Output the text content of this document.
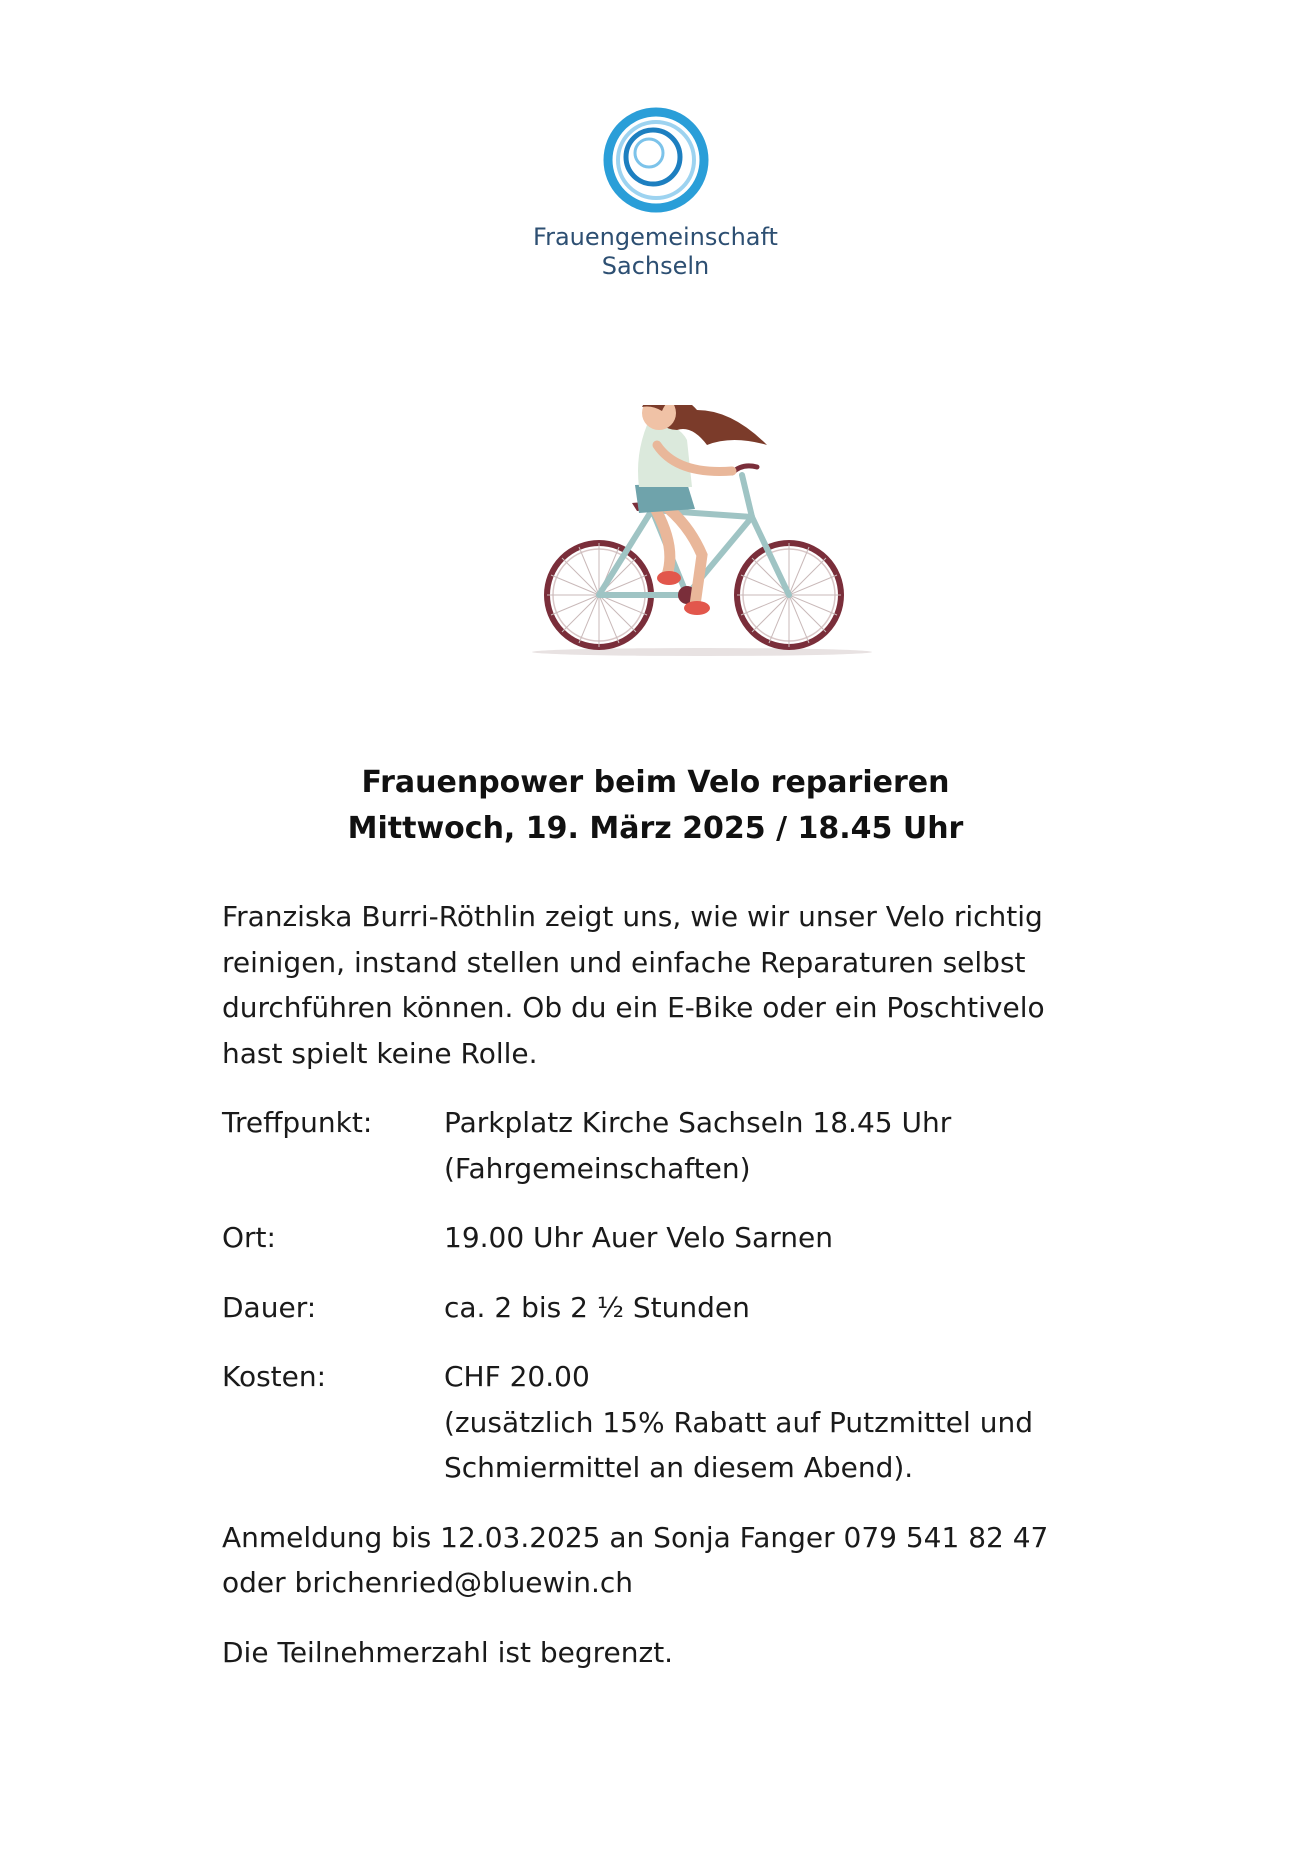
Frauengemeinschaft
Sachseln
Frauenpower beim Velo reparieren
Mittwoch, 19. März 2025 / 18.45 Uhr

Franziska Burri-Röthlin zeigt uns, wie wir unser Velo richtig reinigen, instand stellen und einfache Reparaturen selbst durchführen können. Ob du ein E-Bike oder ein Poschtivelo hast spielt keine Rolle.

Treffpunkt:	Parkplatz Kirche Sachseln 18.45 Uhr
(Fahrgemeinschaften)
Ort:	19.00 Uhr Auer Velo Sarnen
Dauer:	ca. 2 bis 2 ½ Stunden
Kosten:	CHF 20.00
(zusätzlich 15% Rabatt auf Putzmittel und
Schmiermittel an diesem Abend).

Anmeldung bis 12.03.2025 an Sonja Fanger 079 541 82 47 oder brichenried@bluewin.ch

Die Teilnehmerzahl ist begrenzt.
